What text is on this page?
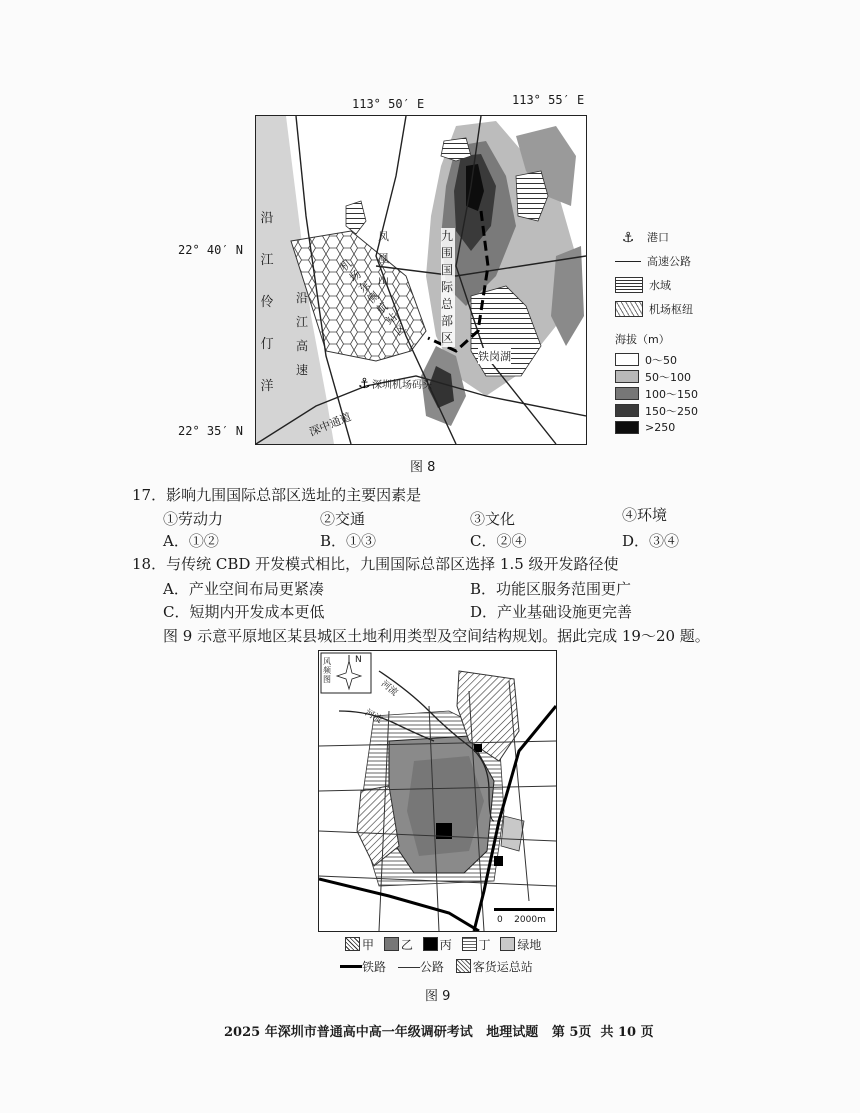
113° 50′ E	113° 55′ E
22° 40′ N
22° 35′ N
⚓
沿江伶仃洋
沿江高速
机场东侧航站区
凤凰山
九围国际总部区
铁岗湖
深圳机场码头
深中通道
⚓	港口
高速公路
水域
机场枢纽
海拔（m）
0～50
50～100
100～150
150～250
>250
图 8
17．影响九围国际总部区选址的主要因素是
①劳动力	②交通	③文化	④环境
A．①②	B．①③	C．②④	D．③④
18．与传统 CBD 开发模式相比，九围国际总部区选择 1.5 级开发路径使
A．产业空间布局更紧凑	B．功能区服务范围更广
C．短期内开发成本更低	D．产业基础设施更完善
图 9 示意平原地区某县城区土地利用类型及空间结构规划。据此完成 19～20 题。
N
风频图	河流
河流
0    2000m
甲 乙 丙 丁 绿地
铁路	公路 客货运总站
图 9
2025 年深圳市普通高中高一年级调研考试   地理试题   第 5页  共 10 页
